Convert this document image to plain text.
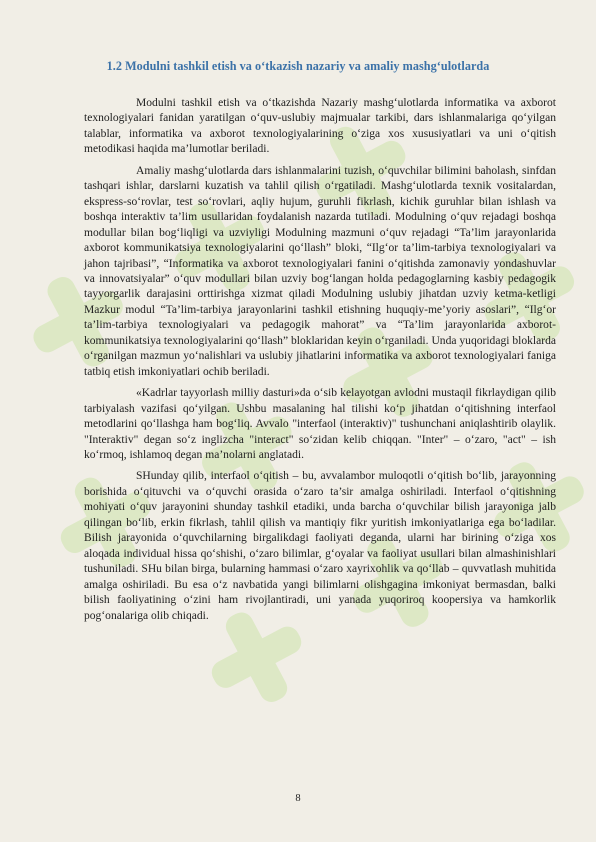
1.2 Modulni tashkil etish va o‘tkazish nazariy va amaliy mashg‘ulotlarda

Modulni tashkil etish va o‘tkazishda Nazariy mashg‘ulotlarda informatika va axborot texnologiyalari fanidan yaratilgan o‘quv-uslubiy majmualar tarkibi, dars ishlanmalariga qo‘yilgan talablar, informatika va axborot texnologiyalarining o‘ziga xos xususiyatlari va uni o‘qitish metodikasi haqida ma’lumotlar beriladi.

Amaliy mashg‘ulotlarda dars ishlanmalarini tuzish, o‘quvchilar bilimini baholash, sinfdan tashqari ishlar, darslarni kuzatish va tahlil qilish o‘rgatiladi. Mashg‘ulotlarda texnik vositalardan, ekspress-so‘rovlar, test so‘rovlari, aqliy hujum, guruhli fikrlash, kichik guruhlar bilan ishlash va boshqa interaktiv ta’lim usullaridan foydalanish nazarda tutiladi. Modulning o‘quv rejadagi boshqa modullar bilan bog‘liqligi va uzviyligi Modulning mazmuni o‘quv rejadagi “Ta’lim jarayonlarida axborot kommunikatsiya texnologiyalarini qo‘llash” bloki, “Ilg‘or ta’lim-tarbiya texnologiyalari va jahon tajribasi”, “Informatika va axborot texnologiyalari fanini o‘qitishda zamonaviy yondashuvlar va innovatsiyalar” o‘quv modullari bilan uzviy bog‘langan holda pedagoglarning kasbiy pedagogik tayyorgarlik darajasini orttirishga xizmat qiladi Modulning uslubiy jihatdan uzviy ketma-ketligi Mazkur modul “Ta’lim-tarbiya jarayonlarini tashkil etishning huquqiy-me’yoriy asoslari”, “Ilg‘or ta’lim-tarbiya texnologiyalari va pedagogik mahorat” va “Ta’lim jarayonlarida axborot-kommunikatsiya texnologiyalarini qo‘llash” bloklaridan keyin o‘rganiladi. Unda yuqoridagi bloklarda o‘rganilgan mazmun yo‘nalishlari va uslubiy jihatlarini informatika va axborot texnologiyalari faniga tatbiq etish imkoniyatlari ochib beriladi.

«Kadrlar tayyorlash milliy dasturi»da o‘sib kelayotgan avlodni mustaqil fikrlaydigan qilib tarbiyalash vazifasi qo‘yilgan. Ushbu masalaning hal tilishi ko‘p jihatdan o‘qitishning interfaol metodlarini qo‘llashga ham bog‘liq. Avvalo "interfaol (interaktiv)" tushunchani aniqlashtirib olaylik. "Interaktiv" degan so‘z inglizcha "interact" so‘zidan kelib chiqqan. "Inter" – o‘zaro, "act" – ish ko‘rmoq, ishlamoq degan ma’nolarni anglatadi.

SHunday qilib, interfaol o‘qitish – bu, avvalambor muloqotli o‘qitish bo‘lib, jarayonning borishida o‘qituvchi va o‘quvchi orasida o‘zaro ta’sir amalga oshiriladi. Interfaol o‘qitishning mohiyati o‘quv jarayonini shunday tashkil etadiki, unda barcha o‘quvchilar bilish jarayoniga jalb qilingan bo‘lib, erkin fikrlash, tahlil qilish va mantiqiy fikr yuritish imkoniyatlariga ega bo‘ladilar. Bilish jarayonida o‘quvchilarning birgalikdagi faoliyati deganda, ularni har birining o‘ziga xos aloqada individual hissa qo‘shishi, o‘zaro bilimlar, g‘oyalar va faoliyat usullari bilan almashinishlari tushuniladi. SHu bilan birga, bularning hammasi o‘zaro xayrixohlik va qo‘llab – quvvatlash muhitida amalga oshiriladi. Bu esa o‘z navbatida yangi bilimlarni olishgagina imkoniyat bermasdan, balki bilish faoliyatining o‘zini ham rivojlantiradi, uni yanada yuqoriroq koopersiya va hamkorlik pog‘onalariga olib chiqadi.

8
